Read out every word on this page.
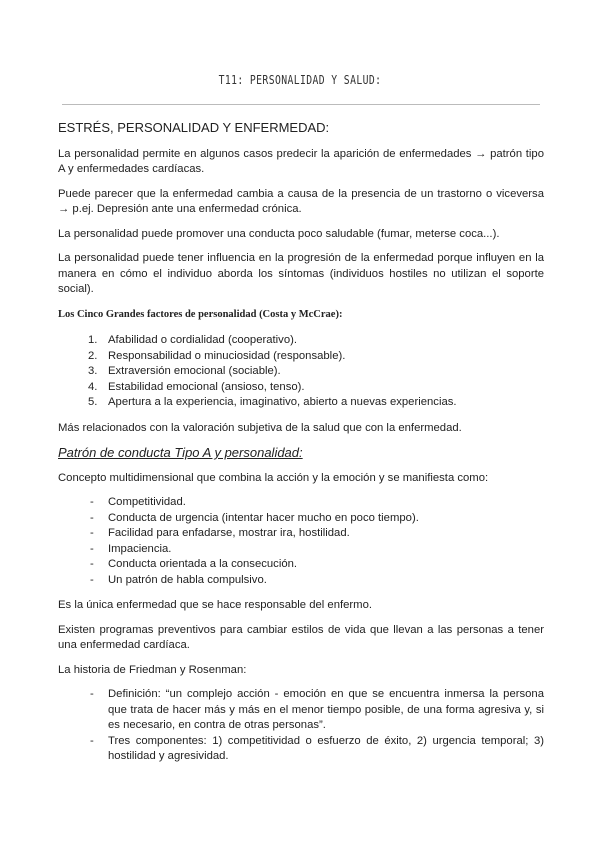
T11: PERSONALIDAD Y SALUD:
ESTRÉS, PERSONALIDAD Y ENFERMEDAD:

La personalidad permite en algunos casos predecir la aparición de enfermedades → patrón tipo A y enfermedades cardíacas.

Puede parecer que la enfermedad cambia a causa de la presencia de un trastorno o viceversa → p.ej. Depresión ante una enfermedad crónica.

La personalidad puede promover una conducta poco saludable (fumar, meterse coca...).

La personalidad puede tener influencia en la progresión de la enfermedad porque influyen en la manera en cómo el individuo aborda los síntomas (individuos hostiles no utilizan el soporte social).

Los Cinco Grandes factores de personalidad (Costa y McCrae):
1. Afabilidad o cordialidad (cooperativo).
2. Responsabilidad o minuciosidad (responsable).
3. Extraversión emocional (sociable).
4. Estabilidad emocional (ansioso, tenso).
5. Apertura a la experiencia, imaginativo, abierto a nuevas experiencias.

Más relacionados con la valoración subjetiva de la salud que con la enfermedad.

Patrón de conducta Tipo A y personalidad:

Concepto multidimensional que combina la acción y la emoción y se manifiesta como:

- Competitividad.
- Conducta de urgencia (intentar hacer mucho en poco tiempo).
- Facilidad para enfadarse, mostrar ira, hostilidad.
- Impaciencia.
- Conducta orientada a la consecución.
- Un patrón de habla compulsivo.

Es la única enfermedad que se hace responsable del enfermo.

Existen programas preventivos para cambiar estilos de vida que llevan a las personas a tener una enfermedad cardíaca.

La historia de Friedman y Rosenman:

- Definición: “un complejo acción - emoción en que se encuentra inmersa la persona que trata de hacer más y más en el menor tiempo posible, de una forma agresiva y, si es necesario, en contra de otras personas”.
- Tres componentes: 1) competitividad o esfuerzo de éxito, 2) urgencia temporal; 3) hostilidad y agresividad.
